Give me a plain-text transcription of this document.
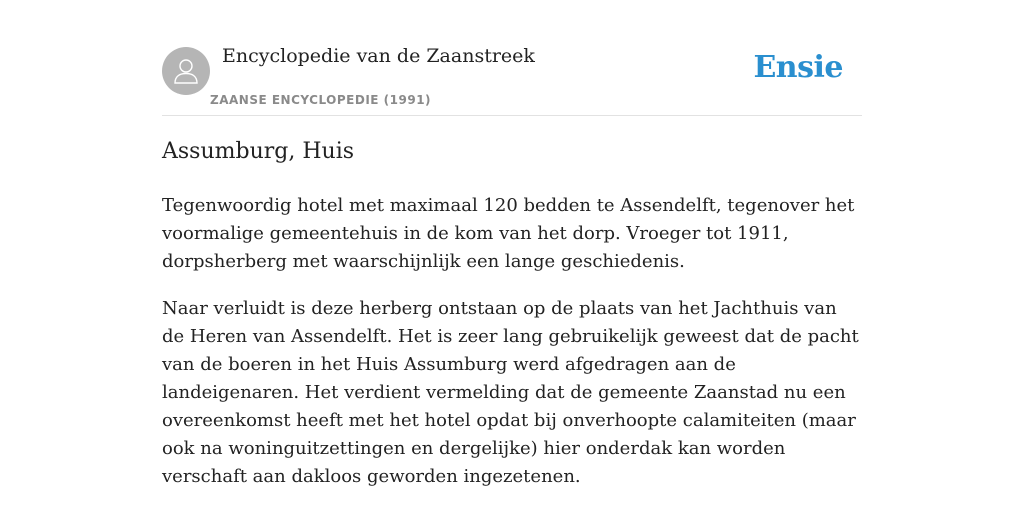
Encyclopedie van de Zaanstreek
ZAANSE ENCYCLOPEDIE (1991)
Ensie
Assumburg, Huis

Tegenwoordig hotel met maximaal 120 bedden te Assendelft, tegenover het voormalige gemeentehuis in de kom van het dorp. Vroeger tot 1911, dorpsherberg met waarschijnlijk een lange geschiedenis.

Naar verluidt is deze herberg ontstaan op de plaats van het Jachthuis van de Heren van Assendelft. Het is zeer lang gebruikelijk geweest dat de pacht van de boeren in het Huis Assumburg werd afgedragen aan de landeigenaren. Het verdient vermelding dat de gemeente Zaanstad nu een overeenkomst heeft met het hotel opdat bij onverhoopte calamiteiten (maar ook na woninguitzettingen en dergelijke) hier onderdak kan worden verschaft aan dakloos geworden ingezetenen.
